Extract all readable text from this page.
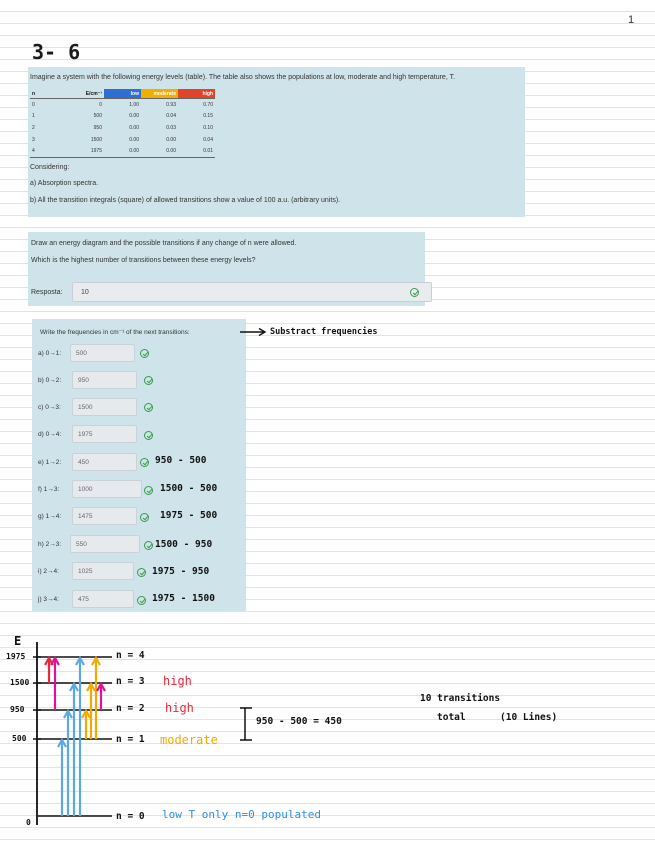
1
3- 6

Imagine a system with the following energy levels (table). The table also shows the populations at low, moderate and high temperature, T.

Considering:

a) Absorption spectra.

b) All the transition integrals (square) of allowed transitions show a value of 100 a.u. (arbitrary units).

n	E/cm⁻¹	low	moderate	high
0	0	1.00	0.93	0.70
1	500	0.00	0.04	0.15
2	950	0.00	0.03	0.10
3	1500	0.00	0.00	0.04
4	1975	0.00	0.00	0.01

Draw an energy diagram and the possible transitions if any change of n were allowed.

Which is the highest number of transitions between these energy levels?

Resposta:	10
Write the frequencies in cm⁻¹ of the next transitions:
a) 0→1:	500
b) 0→2:	950
c) 0→3:	1500
d) 0→4:	1975
e) 1→2:	450
f) 1→3:	1000
g) 1→4:	1475
h) 2→3:	550
i) 2→4:	1025
j) 3→4:	475
Substract frequencies
950 - 500
1500 - 500
1975 - 500
1500 - 950
1975 - 950
1975 - 1500
E
1975
1500
950
500
0
n = 4
n = 3
n = 2
n = 1
n = 0
high
high
moderate
low T only n=0 populated
950 - 500 = 450
10 transitions
total	(10 Lines)
